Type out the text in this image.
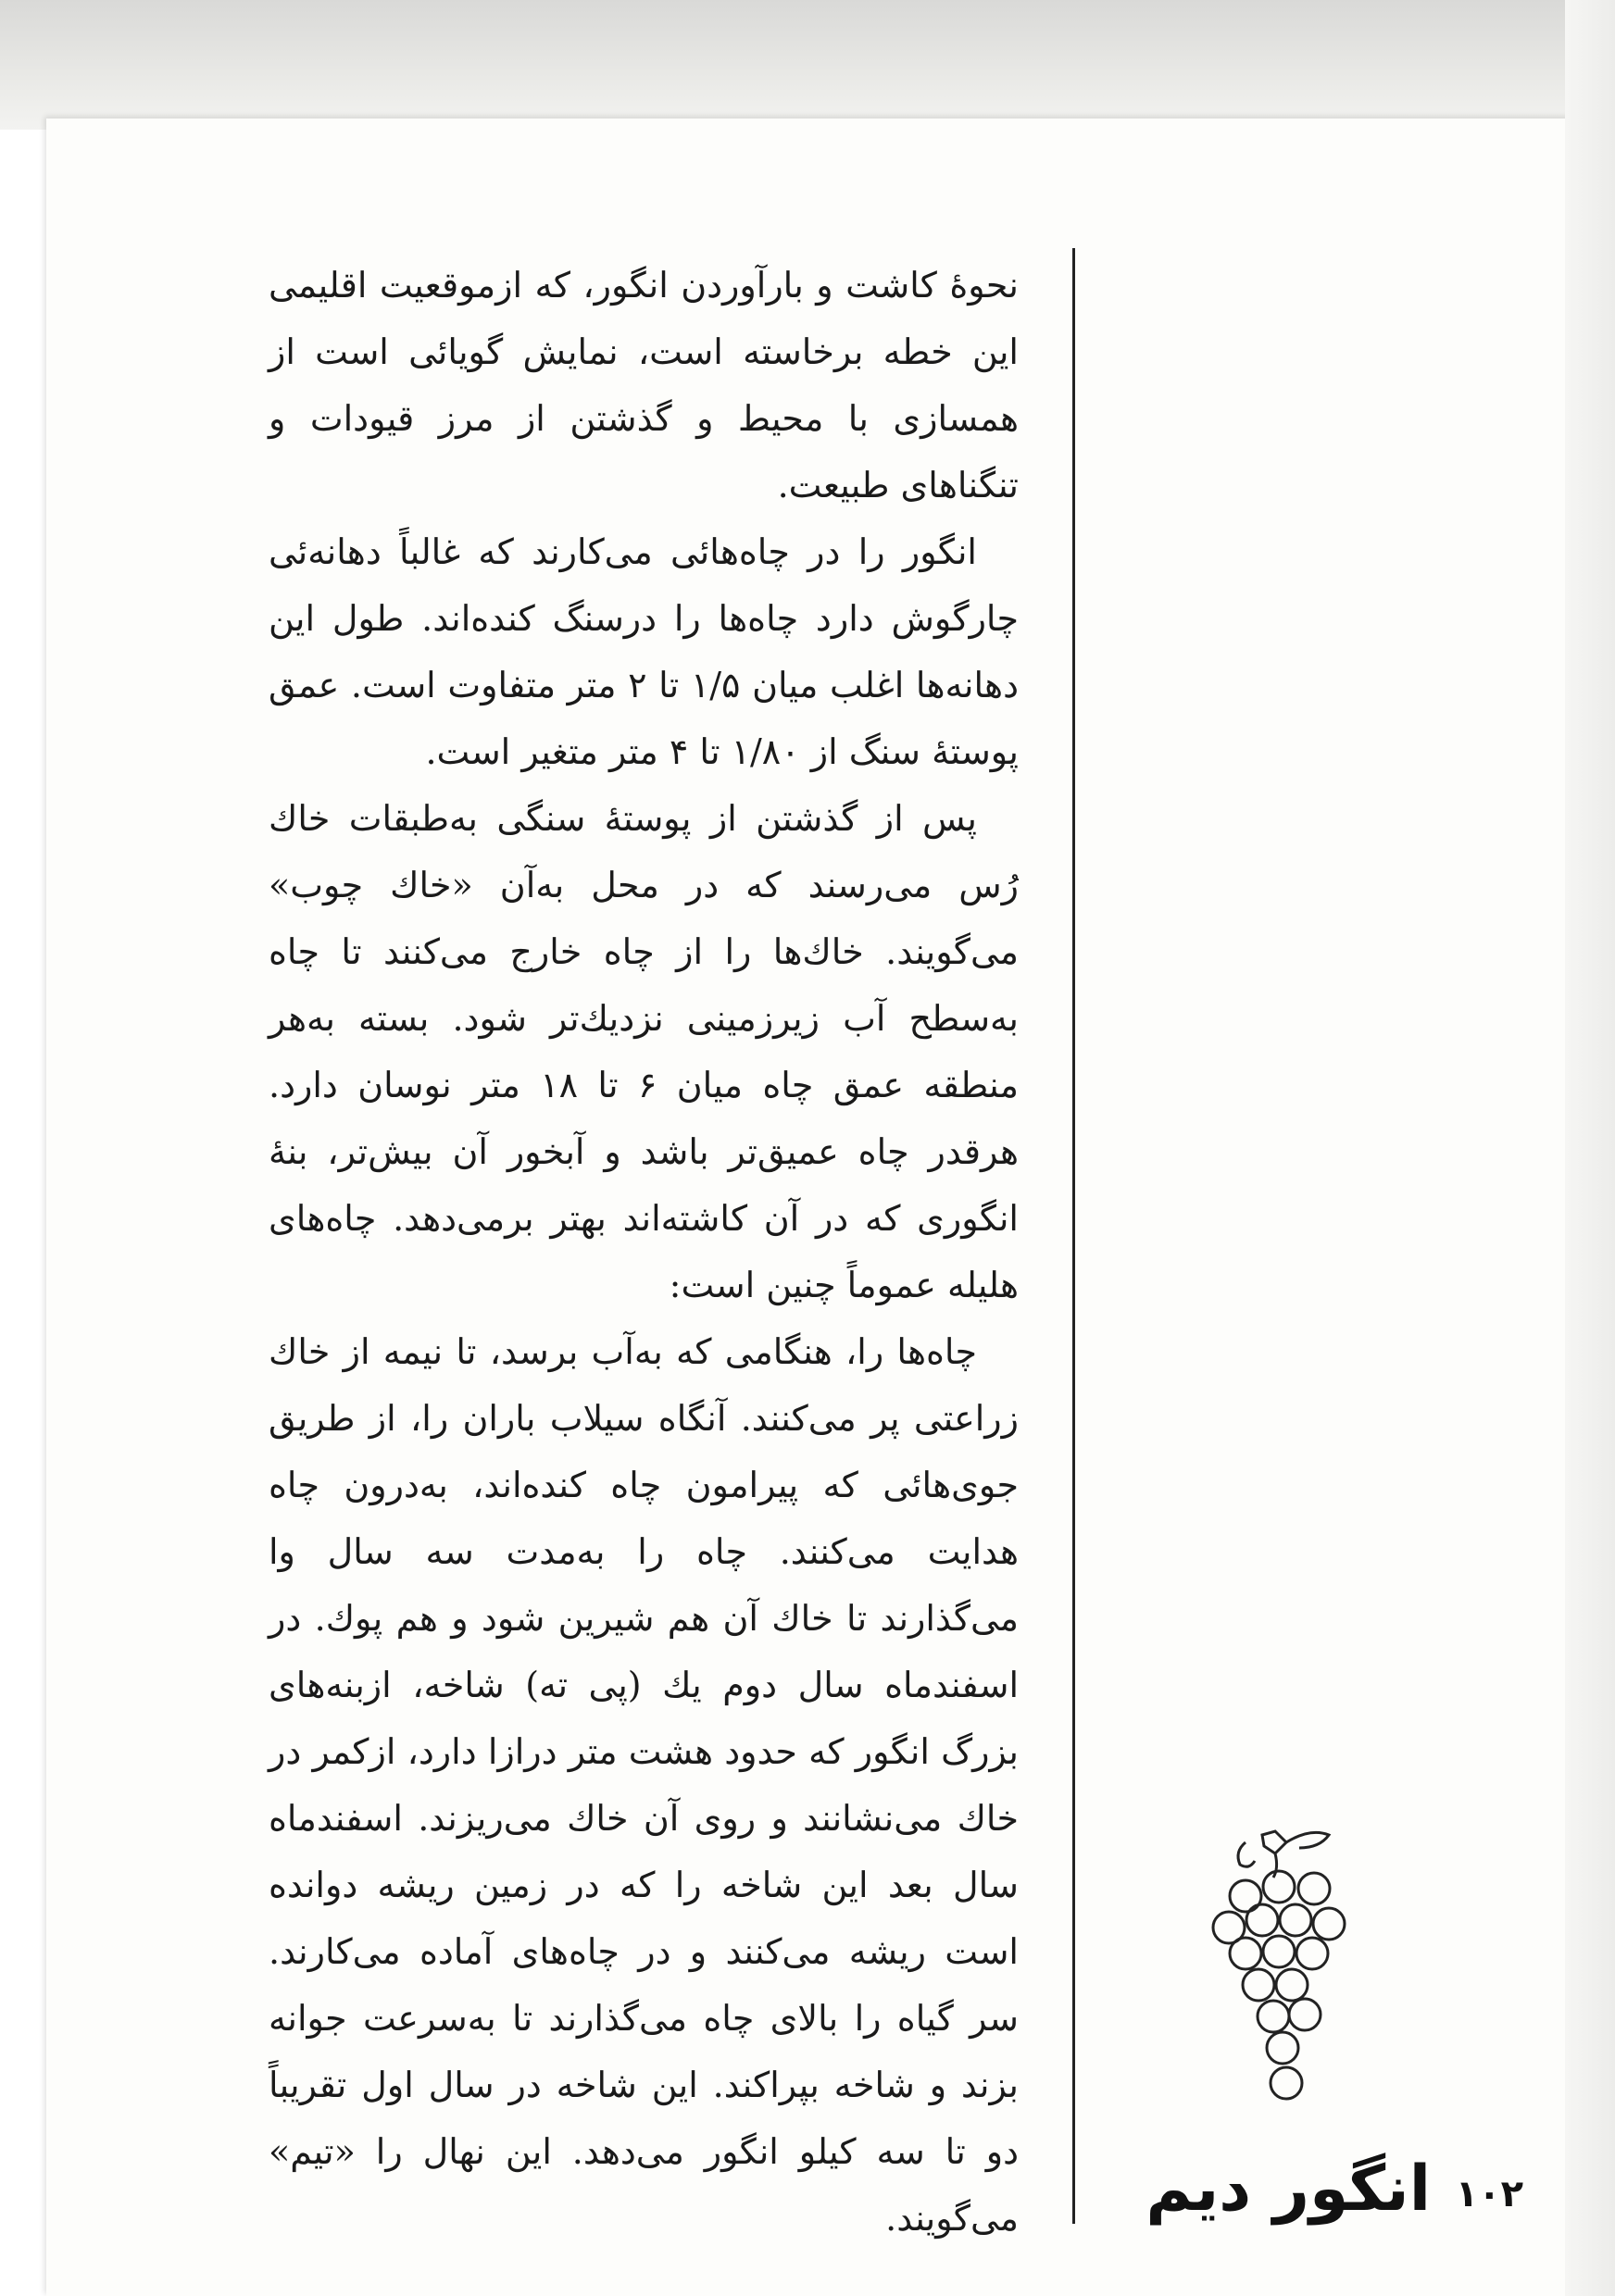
نحوهٔ کاشت و بارآوردن انگور، که ازموقعیت اقلیمی این خطه برخاسته است، نمایش گویائی است از همسازی با محیط و گذشتن از مرز قیودات و تنگناهای طبیعت.

انگور را در چاه‌هائی می‌کارند که غالباً دهانه‌ئی چارگوش دارد چاه‌ها را درسنگ کنده‌اند. طول این دهانه‌ها اغلب میان ۱/۵ تا ۲ متر متفاوت است. عمق پوستهٔ سنگ از ۱/۸۰ تا ۴ متر متغیر است.

پس از گذشتن از پوستهٔ سنگی به‌طبقات خاك رُس می‌رسند که در محل به‌آن «خاك چوب» می‌گویند. خاك‌ها را از چاه خارج می‌کنند تا چاه به‌سطح آب زیرزمینی نزدیك‌تر شود. بسته به‌هر منطقه عمق چاه میان ۶ تا ۱۸ متر نوسان دارد. هرقدر چاه عمیق‌تر باشد و آبخور آن بیش‌تر، بنهٔ انگوری که در آن کاشته‌اند بهتر برمی‌دهد. چاه‌های هلیله عموماً چنین است:

چاه‌ها را، هنگامی که به‌آب برسد، تا نیمه از خاك زراعتی پر می‌کنند. آنگاه سیلاب باران را، از طریق جوی‌هائی که پیرامون چاه کنده‌اند، به‌درون چاه هدایت می‌کنند. چاه را به‌مدت سه سال وا می‌گذارند تا خاك آن هم شیرین شود و هم پوك. در اسفندماه سال دوم یك (پی ته) شاخه، ازبنه‌های بزرگ انگور که حدود هشت متر درازا دارد، ازکمر در خاك می‌نشانند و روی آن خاك می‌ریزند. اسفندماه سال بعد این شاخه را که در زمین ریشه دوانده است ریشه می‌کنند و در چاه‌های آماده می‌کارند. سر گیاه را بالای چاه می‌گذارند تا به‌سرعت جوانه بزند و شاخه بپراکند. این شاخه در سال اول تقریباً دو تا سه کیلو انگور می‌دهد. این نهال را «تیم» می‌گویند. انگور دیم ۱۰۲
